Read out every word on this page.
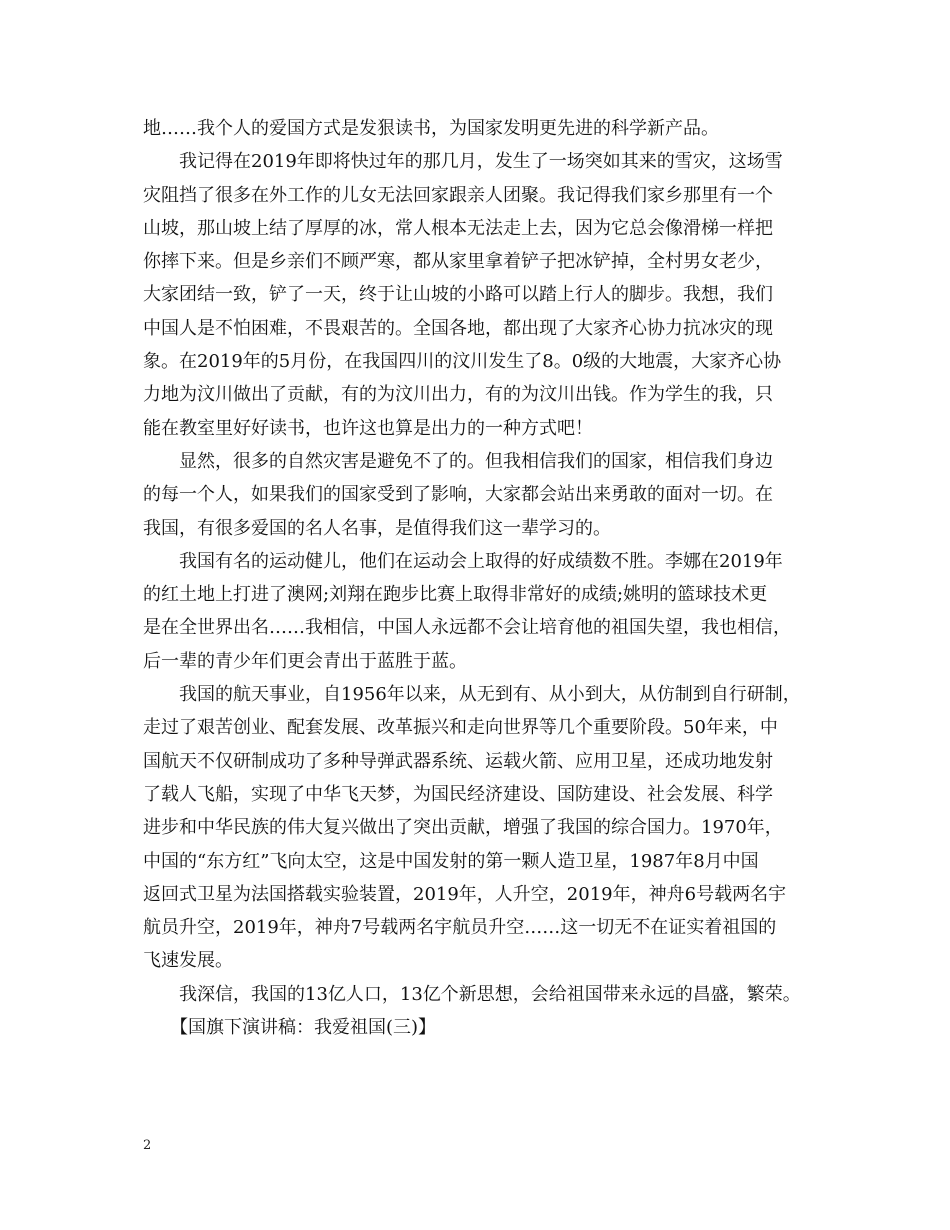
地……我个人的爱国方式是发狠读书，为国家发明更先进的科学新产品。
　　我记得在2019年即将快过年的那几月，发生了一场突如其来的雪灾，这场雪
灾阻挡了很多在外工作的儿女无法回家跟亲人团聚。我记得我们家乡那里有一个
山坡，那山坡上结了厚厚的冰，常人根本无法走上去，因为它总会像滑梯一样把
你摔下来。但是乡亲们不顾严寒，都从家里拿着铲子把冰铲掉，全村男女老少，
大家团结一致，铲了一天，终于让山坡的小路可以踏上行人的脚步。我想，我们
中国人是不怕困难，不畏艰苦的。全国各地，都出现了大家齐心协力抗冰灾的现
象。在2019年的5月份，在我国四川的汶川发生了8。0级的大地震，大家齐心协
力地为汶川做出了贡献，有的为汶川出力，有的为汶川出钱。作为学生的我，只
能在教室里好好读书，也许这也算是出力的一种方式吧！
　　显然，很多的自然灾害是避免不了的。但我相信我们的国家，相信我们身边
的每一个人，如果我们的国家受到了影响，大家都会站出来勇敢的面对一切。在
我国，有很多爱国的名人名事，是值得我们这一辈学习的。
　　我国有名的运动健儿，他们在运动会上取得的好成绩数不胜。李娜在2019年
的红土地上打进了澳网;刘翔在跑步比赛上取得非常好的成绩;姚明的篮球技术更
是在全世界出名……我相信，中国人永远都不会让培育他的祖国失望，我也相信，
后一辈的青少年们更会青出于蓝胜于蓝。
　　我国的航天事业，自1956年以来，从无到有、从小到大，从仿制到自行研制，
走过了艰苦创业、配套发展、改革振兴和走向世界等几个重要阶段。50年来，中
国航天不仅研制成功了多种导弹武器系统、运载火箭、应用卫星，还成功地发射
了载人飞船，实现了中华飞天梦，为国民经济建设、国防建设、社会发展、科学
进步和中华民族的伟大复兴做出了突出贡献，增强了我国的综合国力。1970年，
中国的“东方红”飞向太空，这是中国发射的第一颗人造卫星，1987年8月中国
返回式卫星为法国搭载实验装置，2019年，人升空，2019年，神舟6号载两名宇
航员升空，2019年，神舟7号载两名宇航员升空……这一切无不在证实着祖国的
飞速发展。
　　我深信，我国的13亿人口，13亿个新思想，会给祖国带来永远的昌盛，繁荣。
　　【国旗下演讲稿：我爱祖国(三)】
2
